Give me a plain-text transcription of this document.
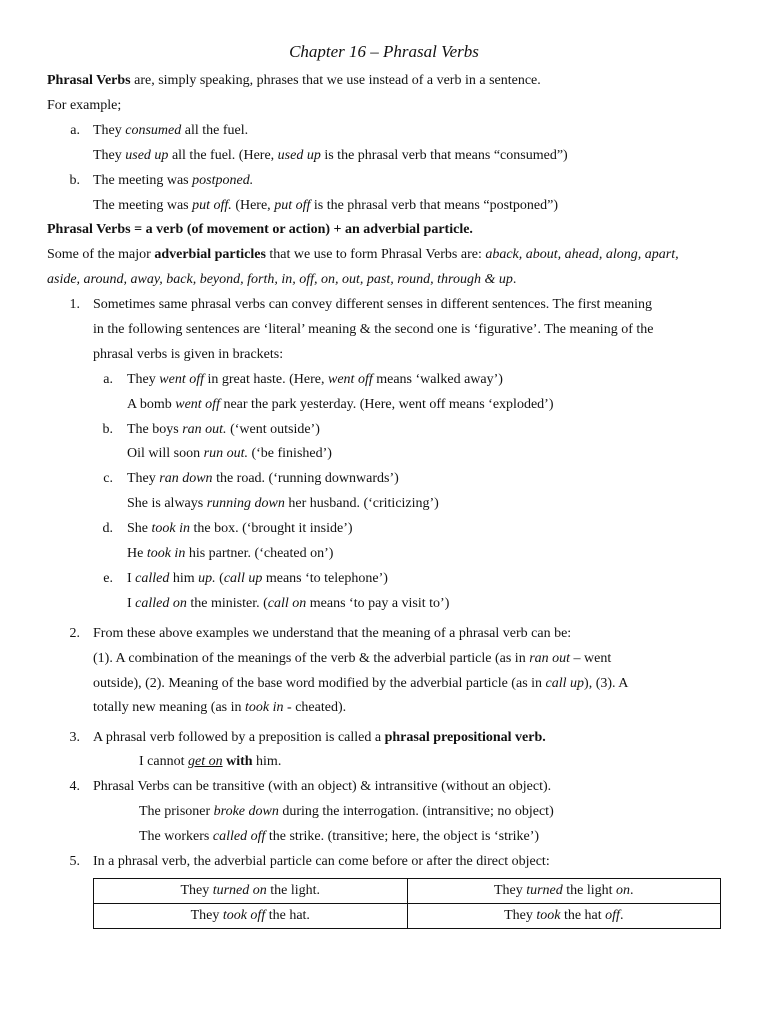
Chapter 16 – Phrasal Verbs
Phrasal Verbs are, simply speaking, phrases that we use instead of a verb in a sentence.
For example;
a. They consumed all the fuel.
They used up all the fuel. (Here, used up is the phrasal verb that means “consumed”)
b. The meeting was postponed.
The meeting was put off. (Here, put off is the phrasal verb that means “postponed”)
Phrasal Verbs = a verb (of movement or action) + an adverbial particle.
Some of the major adverbial particles that we use to form Phrasal Verbs are: aback, about, ahead, along, apart,
aside, around, away, back, beyond, forth, in, off, on, out, past, round, through & up.
1. Sometimes same phrasal verbs can convey different senses in different sentences. The first meaning
in the following sentences are ‘literal’ meaning & the second one is ‘figurative’. The meaning of the
phrasal verbs is given in brackets:
a. They went off in great haste. (Here, went off means ‘walked away’)
A bomb went off near the park yesterday. (Here, went off means ‘exploded’)
b. The boys ran out. (‘went outside’)
Oil will soon run out. (‘be finished’)
c. They ran down the road. (‘running downwards’)
She is always running down her husband. (‘criticizing’)
d. She took in the box. (‘brought it inside’)
He took in his partner. (‘cheated on’)
e. I called him up. (call up means ‘to telephone’)
I called on the minister. (call on means ‘to pay a visit to’)
2. From these above examples we understand that the meaning of a phrasal verb can be:
(1). A combination of the meanings of the verb & the adverbial particle (as in ran out – went
outside), (2). Meaning of the base word modified by the adverbial particle (as in call up), (3). A
totally new meaning (as in took in - cheated).
3. A phrasal verb followed by a preposition is called a phrasal prepositional verb.
I cannot get on with him.
4. Phrasal Verbs can be transitive (with an object) & intransitive (without an object).
The prisoner broke down during the interrogation. (intransitive; no object)
The workers called off the strike. (transitive; here, the object is ‘strike’)
5. In a phrasal verb, the adverbial particle can come before or after the direct object:
They turned on the light.	They turned the light on.
They took off the hat.	They took the hat off.
